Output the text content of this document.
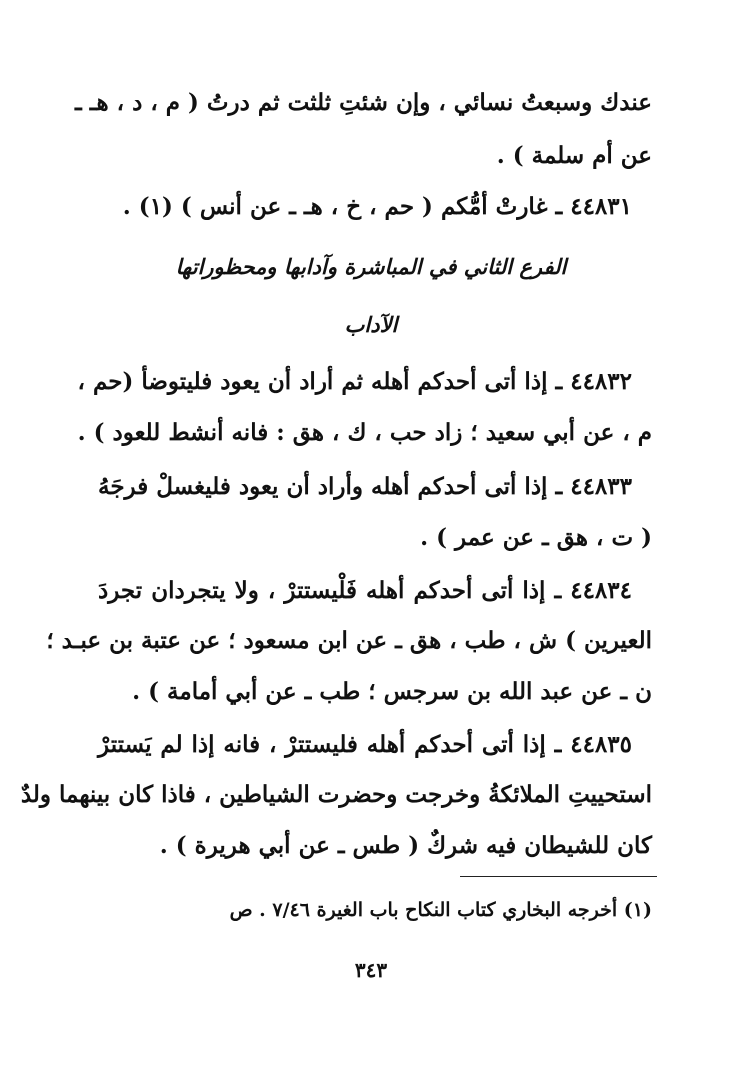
عندك وسبعتُ نسائي ، وإن شئتِ ثلثت ثم درتُ ( م ، د ، هـ ـ
عن أم سلمة ) .
٤٤٨٣١ ـ غارتْ أمُّكم ( حم ، خ ، هـ ـ عن أنس ) (١) .
الفرع الثاني في المباشرة وآدابها ومحظوراتها
الآداب
٤٤٨٣٢ ـ إذا أتى أحدكم أهله ثم أراد أن يعود فليتوضأ (حم ،
م ، عن أبي سعيد ؛ زاد حب ، ك ، هق : فانه أنشط للعود ) .
٤٤٨٣٣ ـ إذا أتى أحدكم أهله وأراد أن يعود فليغسلْ فرجَهُ
( ت ، هق ـ عن عمر ) .
٤٤٨٣٤ ـ إذا أتى أحدكم أهله فَلْيستترْ ، ولا يتجردان تجردَ
العيرين ) ش ، طب ، هق ـ عن ابن مسعود ؛ عن عتبة بن عبـد ؛
ن ـ عن عبد الله بن سرجس ؛ طب ـ عن أبي أمامة ) .
٤٤٨٣٥ ـ إذا أتى أحدكم أهله فليستترْ ، فانه إذا لم يَستترْ
استحييتِ الملائكةُ وخرجت وحضرت الشياطين ، فاذا كان بينهما ولدٌ
كان للشيطان فيه شركٌ ( طس ـ عن أبي هريرة ) .
(١) أخرجه البخاري كتاب النكاح باب الغيرة ٧/٤٦ . ص
٣٤٣
